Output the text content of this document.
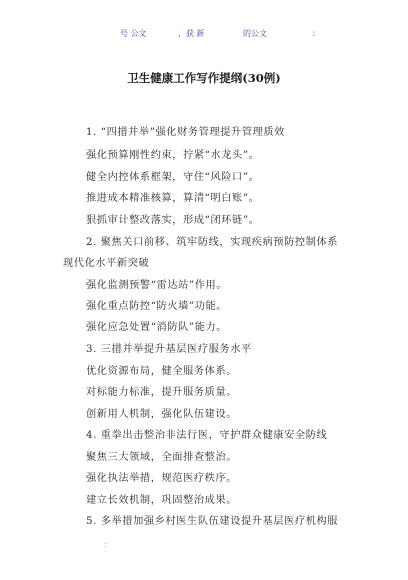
号 公文	，获 新	的公文	：
卫生健康工作写作提纲(30例)
1. “四措并举”强化财务管理提升管理质效
强化预算刚性约束，拧紧“水龙头”。
健全内控体系框架，守住“风险口”。
推进成本精准核算，算清“明白账”。
狠抓审计整改落实，形成“闭环链”。
2. 聚焦关口前移、筑牢防线，实现疾病预防控制体系
现代化水平新突破
强化监测预警“雷达站”作用。
强化重点防控“防火墙”功能。
强化应急处置“消防队”能力。
3. 三措并举提升基层医疗服务水平
优化资源布局，健全服务体系。
对标能力标准，提升服务质量。
创新用人机制，强化队伍建设。
4. 重拳出击整治非法行医，守护群众健康安全防线
聚焦三大领域，全面排查整治。
强化执法举措，规范医疗秩序。
建立长效机制，巩固整治成果。
5. 多举措加强乡村医生队伍建设提升基层医疗机构服
：
